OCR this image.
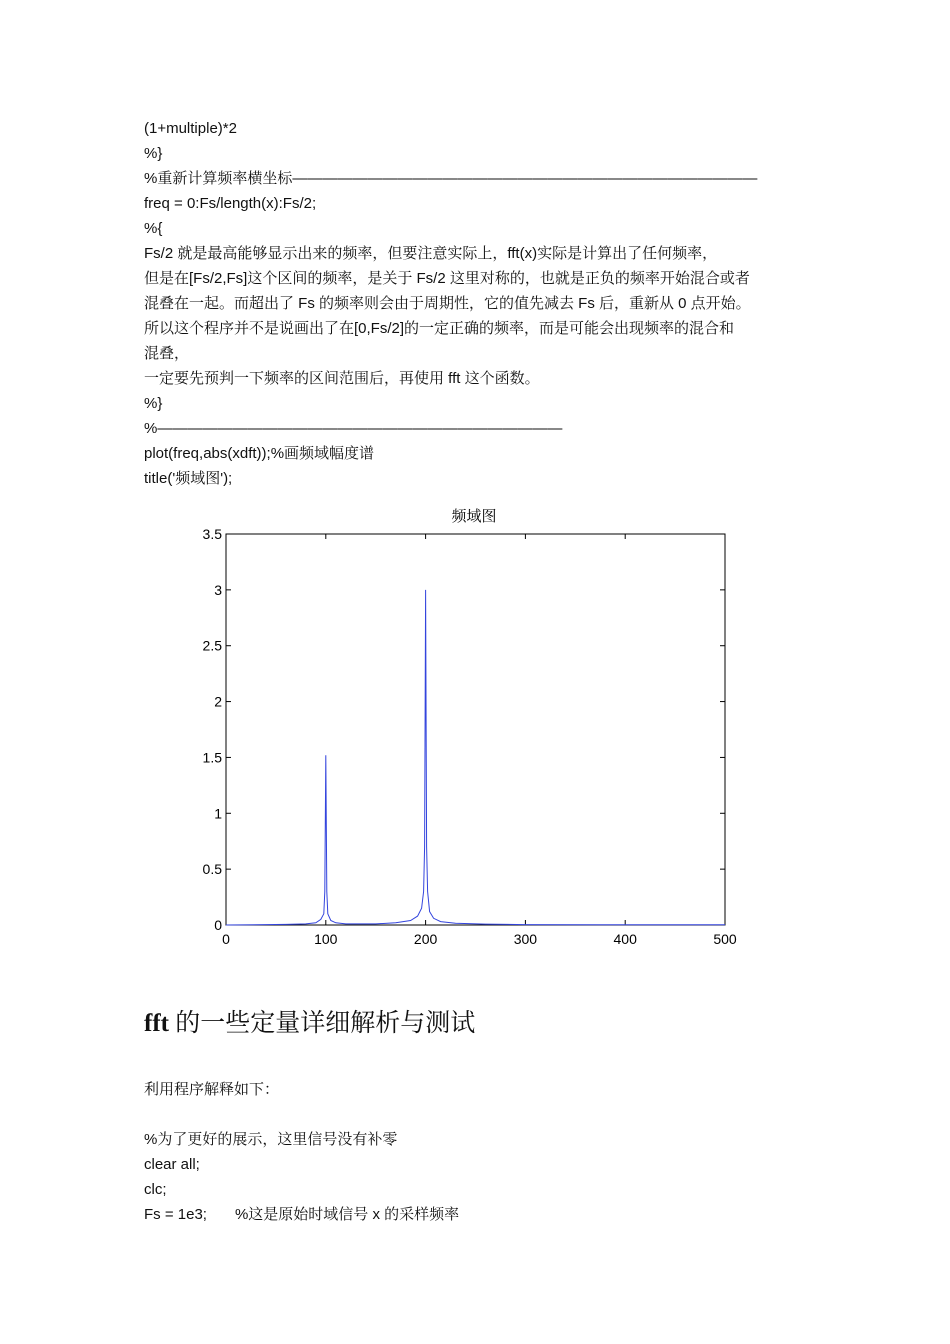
(1+multiple)*2
%}
%重新计算频率横坐标———————————————————————————————
freq = 0:Fs/length(x):Fs/2;
%{
Fs/2 就是最高能够显示出来的频率，但要注意实际上，fft(x)实际是计算出了任何频率，
但是在[Fs/2,Fs]这个区间的频率，是关于 Fs/2 这里对称的，也就是正负的频率开始混合或者
混叠在一起。而超出了 Fs 的频率则会由于周期性，它的值先减去 Fs 后，重新从 0 点开始。
所以这个程序并不是说画出了在[0,Fs/2]的一定正确的频率，而是可能会出现频率的混合和
混叠，
一定要先预判一下频率的区间范围后，再使用 fft 这个函数。
%}
%———————————————————————————
plot(freq,abs(xdft));%画频域幅度谱
title('频域图');
fft 的一些定量详细解析与测试
利用程序解释如下：
%为了更好的展示，这里信号没有补零
clear all;
clc;
Fs = 1e3; %这是原始时域信号 x 的采样频率
频域图
0
0.5
1
1.5
2
2.5
3
3.5
0	100	200	300	400	500
